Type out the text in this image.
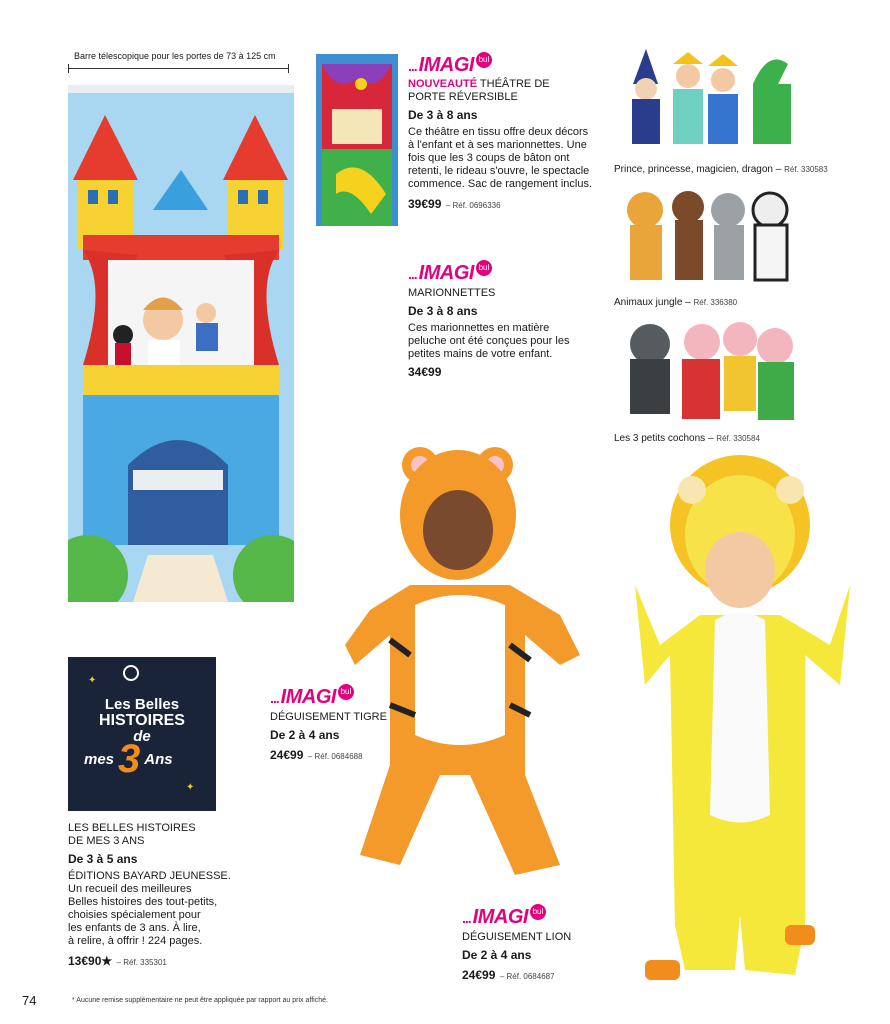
Barre télescopique pour les portes de 73 à 125 cm
... IMAGI bul
NOUVEAUTÉ THÉÂTRE DE
PORTE RÉVERSIBLE
De 3 à 8 ans
Ce théâtre en tissu offre deux décors
à l'enfant et à ses marionnettes. Une
fois que les 3 coups de bâton ont
retenti, le rideau s'ouvre, le spectacle
commence. Sac de rangement inclus.
39€99 – Réf. 0696336
... IMAGI bul
MARIONNETTES
De 3 à 8 ans
Ces marionnettes en matière
peluche ont été conçues pour les
petites mains de votre enfant.
34€99
Prince, princesse, magicien, dragon – Réf. 330583
Animaux jungle – Réf. 336380
Les 3 petits cochons – Réf. 330584
Les Belles
HISTOIRES
de
mes 3 Ans
✦
✦
LES BELLES HISTOIRES
DE MES 3 ANS
De 3 à 5 ans
ÉDITIONS BAYARD JEUNESSE.
Un recueil des meilleures
Belles histoires des tout-petits,
choisies spécialement pour
les enfants de 3 ans. À lire,
à relire, à offrir ! 224 pages.
13€90★ – Réf. 335301
... IMAGI bul
DÉGUISEMENT TIGRE
De 2 à 4 ans
24€99 – Réf. 0684688
... IMAGI bul
DÉGUISEMENT LION
De 2 à 4 ans
24€99 – Réf. 0684687
74	* Aucune remise supplémentaire ne peut être appliquée par rapport au prix affiché.
